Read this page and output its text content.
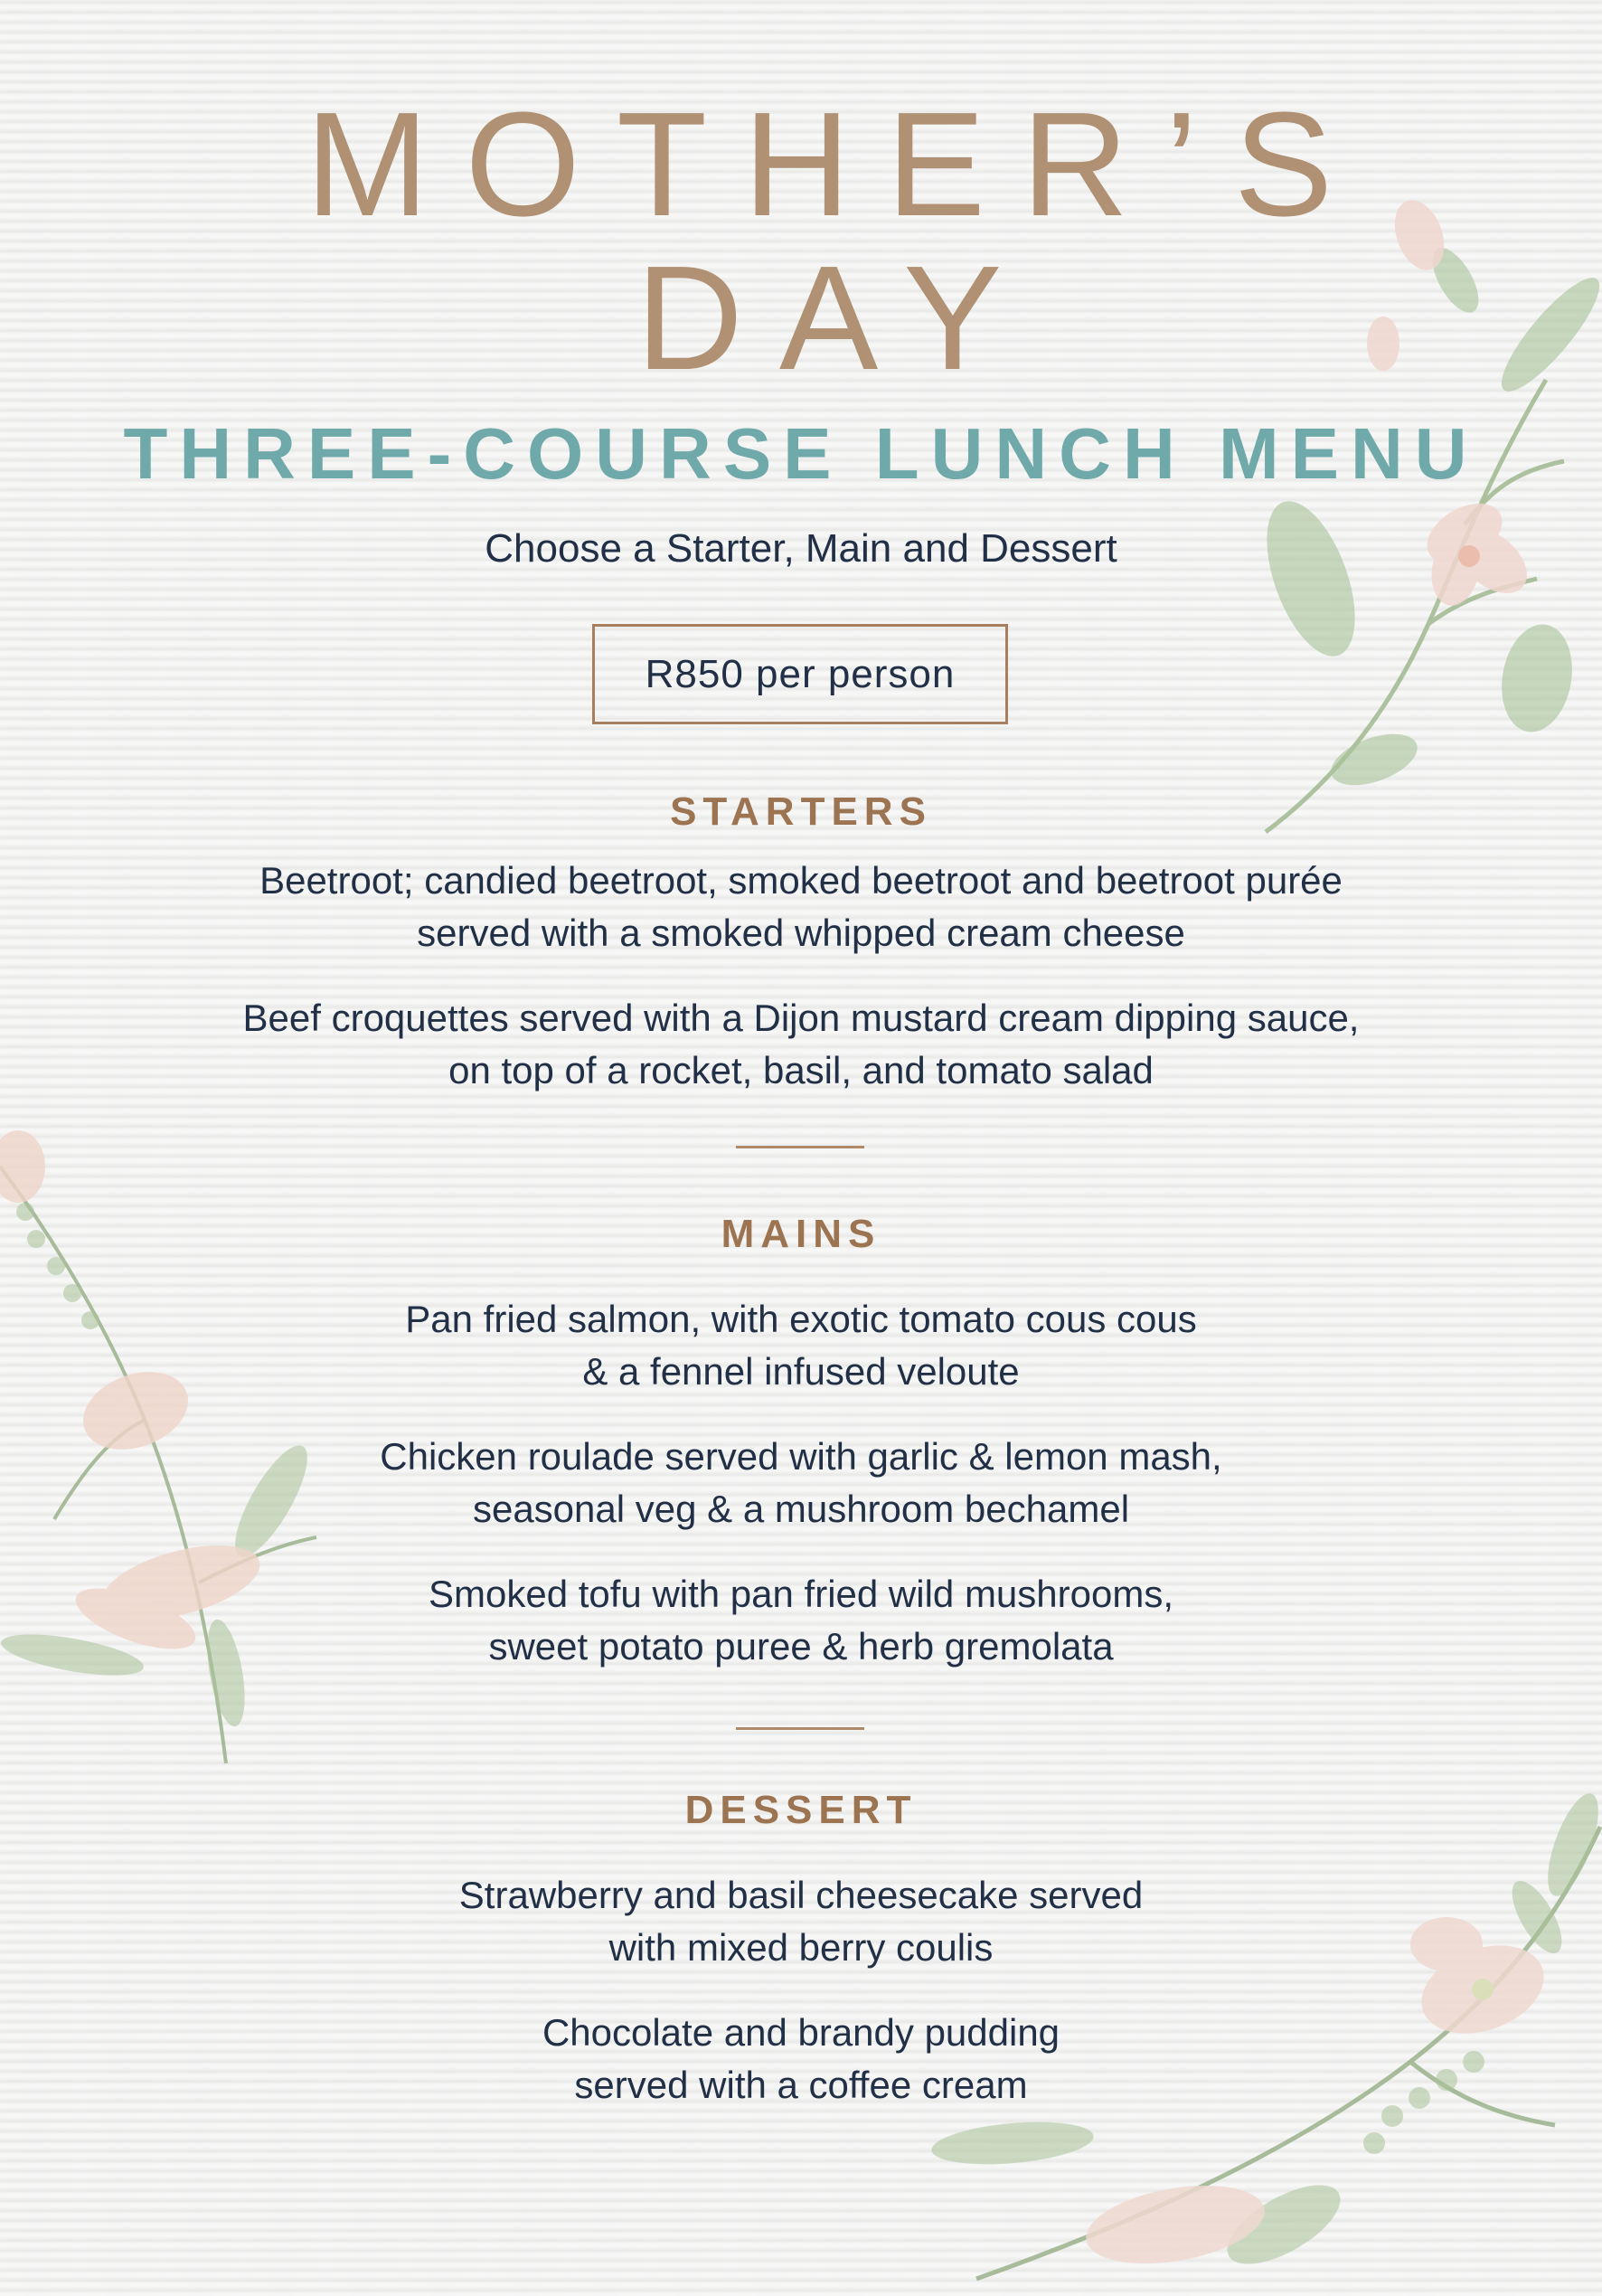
MOTHER’S
DAY
THREE-COURSE LUNCH MENU
Choose a Starter, Main and Dessert
R850 per person
STARTERS
Beetroot; candied beetroot, smoked beetroot and beetroot purée
served with a smoked whipped cream cheese
Beef croquettes served with a Dijon mustard cream dipping sauce,
on top of a rocket, basil, and tomato salad
MAINS
Pan fried salmon, with exotic tomato cous cous
& a fennel infused veloute
Chicken roulade served with garlic & lemon mash,
seasonal veg & a mushroom bechamel
Smoked tofu with pan fried wild mushrooms,
sweet potato puree & herb gremolata
DESSERT
Strawberry and basil cheesecake served
with mixed berry coulis
Chocolate and brandy pudding
served with a coffee cream
